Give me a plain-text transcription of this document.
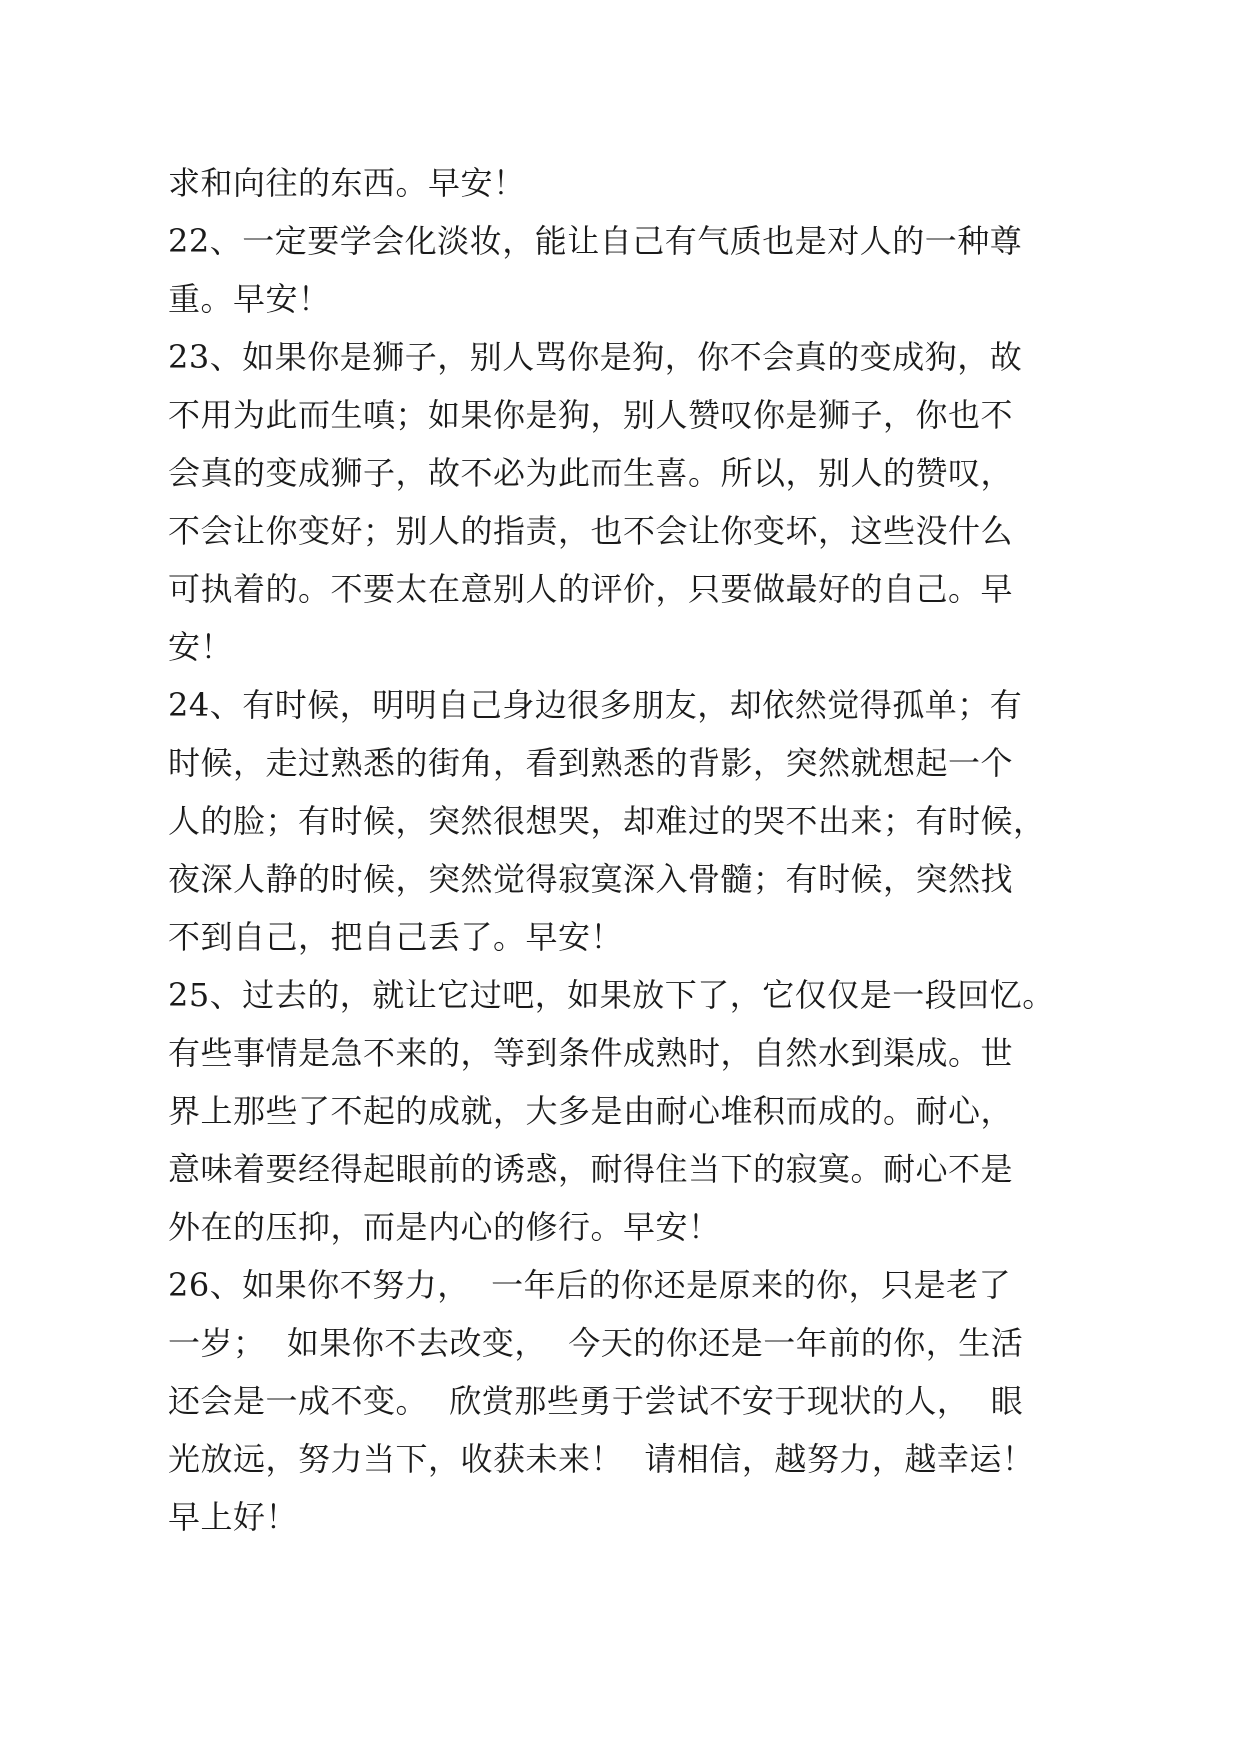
求和向往的东西。早安！
22、一定要学会化淡妆，能让自己有气质也是对人的一种尊
重。早安！
23、如果你是狮子，别人骂你是狗，你不会真的变成狗，故
不用为此而生嗔；如果你是狗，别人赞叹你是狮子，你也不
会真的变成狮子，故不必为此而生喜。所以，别人的赞叹，
不会让你变好；别人的指责，也不会让你变坏，这些没什么
可执着的。不要太在意别人的评价，只要做最好的自己。早
安！
24、有时候，明明自己身边很多朋友，却依然觉得孤单；有
时候，走过熟悉的街角，看到熟悉的背影，突然就想起一个
人的脸；有时候，突然很想哭，却难过的哭不出来；有时候，
夜深人静的时候，突然觉得寂寞深入骨髓；有时候，突然找
不到自己，把自己丢了。早安！
25、过去的，就让它过吧，如果放下了，它仅仅是一段回忆。
有些事情是急不来的，等到条件成熟时，自然水到渠成。世
界上那些了不起的成就，大多是由耐心堆积而成的。耐心，
意味着要经得起眼前的诱惑，耐得住当下的寂寞。耐心不是
外在的压抑，而是内心的修行。早安！
26、如果你不努力，  一年后的你还是原来的你，只是老了
一岁；  如果你不去改变，  今天的你还是一年前的你，生活
还会是一成不变。  欣赏那些勇于尝试不安于现状的人，  眼
光放远，努力当下，收获未来！  请相信，越努力，越幸运！
早上好！
